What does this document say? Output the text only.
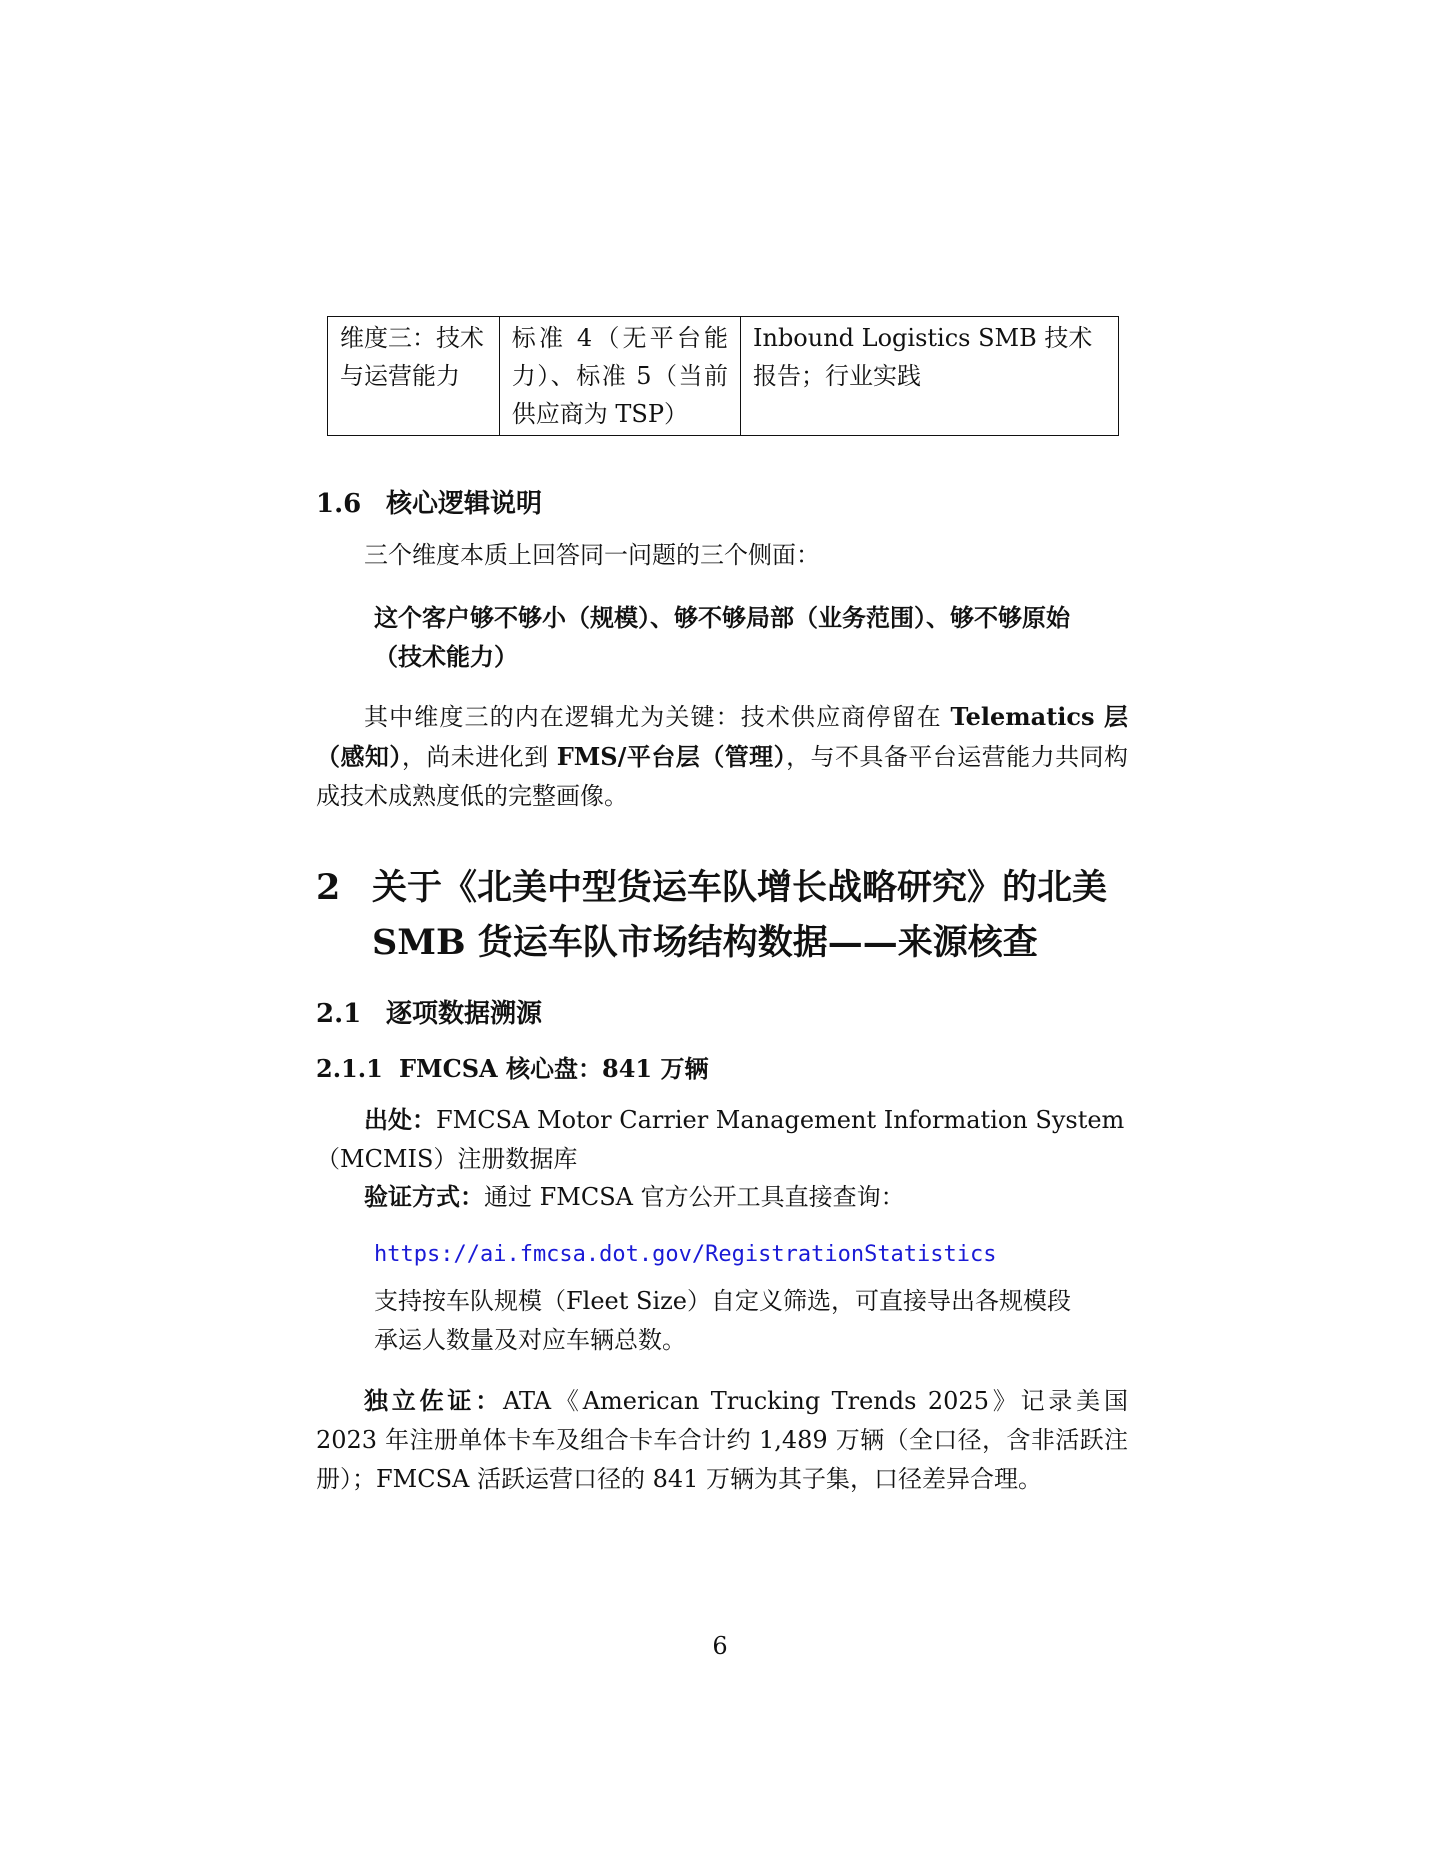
维度三：技术与运营能力	标准 4（无平台能力）、标准 5（当前供应商为 TSP）	Inbound Logistics SMB 技术报告；行业实践
1.6 核心逻辑说明
三个维度本质上回答同一问题的三个侧面：
这个客户够不够小（规模）、够不够局部（业务范围）、够不够原始（技术能力）
其中维度三的内在逻辑尤为关键：技术供应商停留在 Telematics 层（感知），尚未进化到 FMS/平台层（管理），与不具备平台运营能力共同构成技术成熟度低的完整画像。
2 关于《北美中型货运车队增长战略研究》的北美
SMB 货运车队市场结构数据——来源核查
2.1 逐项数据溯源
2.1.1 FMCSA 核心盘：841 万辆
出处：FMCSA Motor Carrier Management Information System（MCMIS）注册数据库
验证方式：通过 FMCSA 官方公开工具直接查询：
https://ai.fmcsa.dot.gov/RegistrationStatistics
支持按车队规模（Fleet Size）自定义筛选，可直接导出各规模段承运人数量及对应车辆总数。
独立佐证：ATA《American Trucking Trends 2025》记录美国 2023 年注册单体卡车及组合卡车合计约 1,489 万辆（全口径，含非活跃注册）；FMCSA 活跃运营口径的 841 万辆为其子集，口径差异合理。
6
